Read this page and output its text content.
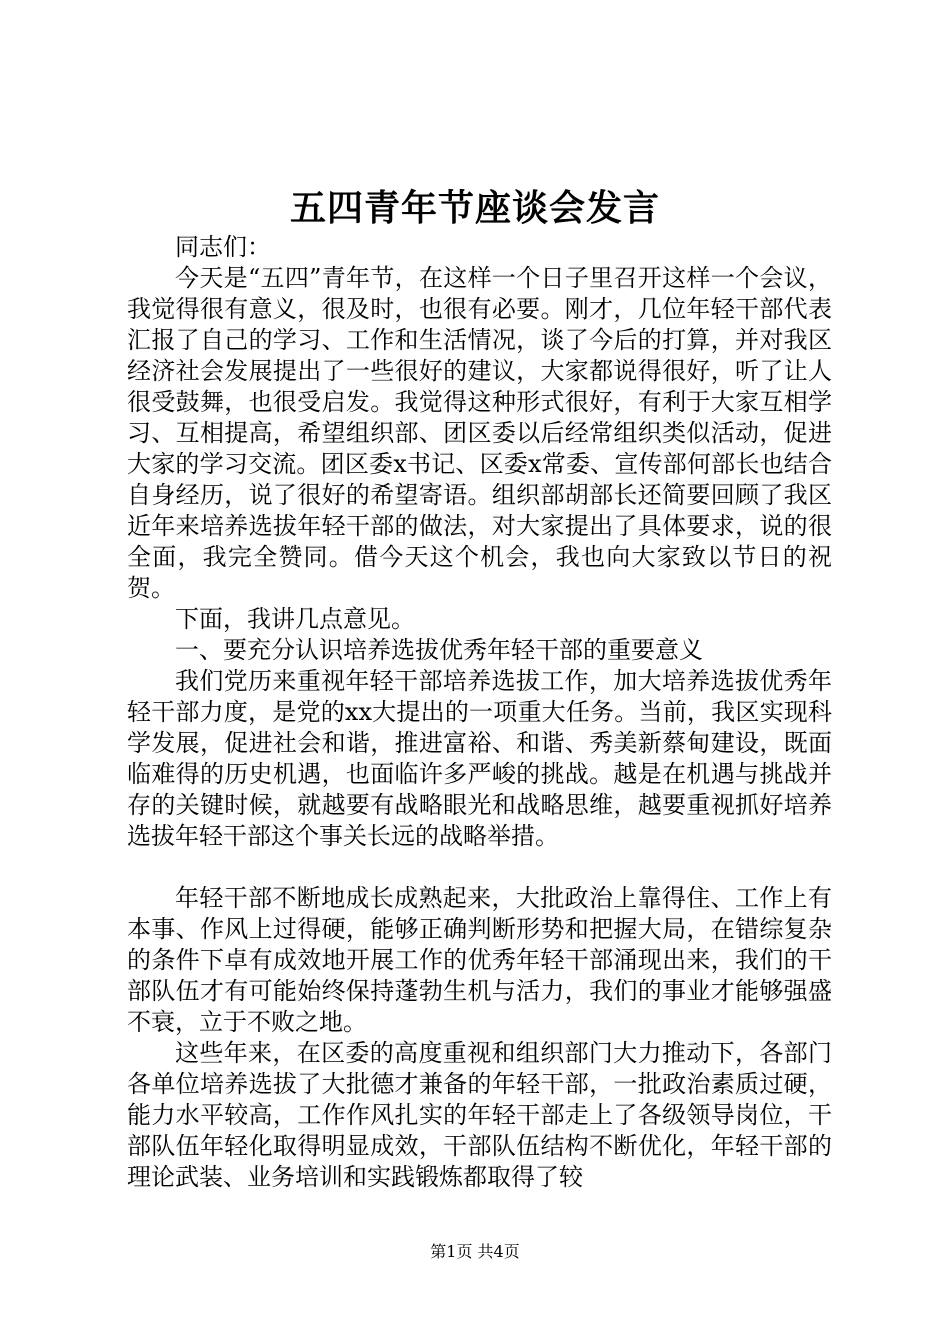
五四青年节座谈会发言

同志们：

今天是“五四”青年节，在这样一个日子里召开这样一个会议，我觉得很有意义，很及时，也很有必要。刚才，几位年轻干部代表汇报了自己的学习、工作和生活情况，谈了今后的打算，并对我区经济社会发展提出了一些很好的建议，大家都说得很好，听了让人很受鼓舞，也很受启发。我觉得这种形式很好，有利于大家互相学习、互相提高，希望组织部、团区委以后经常组织类似活动，促进大家的学习交流。团区委x书记、区委x常委、宣传部何部长也结合自身经历，说了很好的希望寄语。组织部胡部长还简要回顾了我区近年来培养选拔年轻干部的做法，对大家提出了具体要求，说的很全面，我完全赞同。借今天这个机会，我也向大家致以节日的祝贺。

下面，我讲几点意见。

一、要充分认识培养选拔优秀年轻干部的重要意义

我们党历来重视年轻干部培养选拔工作，加大培养选拔优秀年轻干部力度，是党的xx大提出的一项重大任务。当前，我区实现科学发展，促进社会和谐，推进富裕、和谐、秀美新蔡甸建设，既面临难得的历史机遇，也面临许多严峻的挑战。越是在机遇与挑战并存的关键时候，就越要有战略眼光和战略思维，越要重视抓好培养选拔年轻干部这个事关长远的战略举措。

年轻干部不断地成长成熟起来，大批政治上靠得住、工作上有本事、作风上过得硬，能够正确判断形势和把握大局，在错综复杂的条件下卓有成效地开展工作的优秀年轻干部涌现出来，我们的干部队伍才有可能始终保持蓬勃生机与活力，我们的事业才能够强盛不衰，立于不败之地。

这些年来，在区委的高度重视和组织部门大力推动下，各部门各单位培养选拔了大批德才兼备的年轻干部，一批政治素质过硬，能力水平较高，工作作风扎实的年轻干部走上了各级领导岗位，干部队伍年轻化取得明显成效，干部队伍结构不断优化，年轻干部的理论武装、业务培训和实践锻炼都取得了较

第1页 共4页
